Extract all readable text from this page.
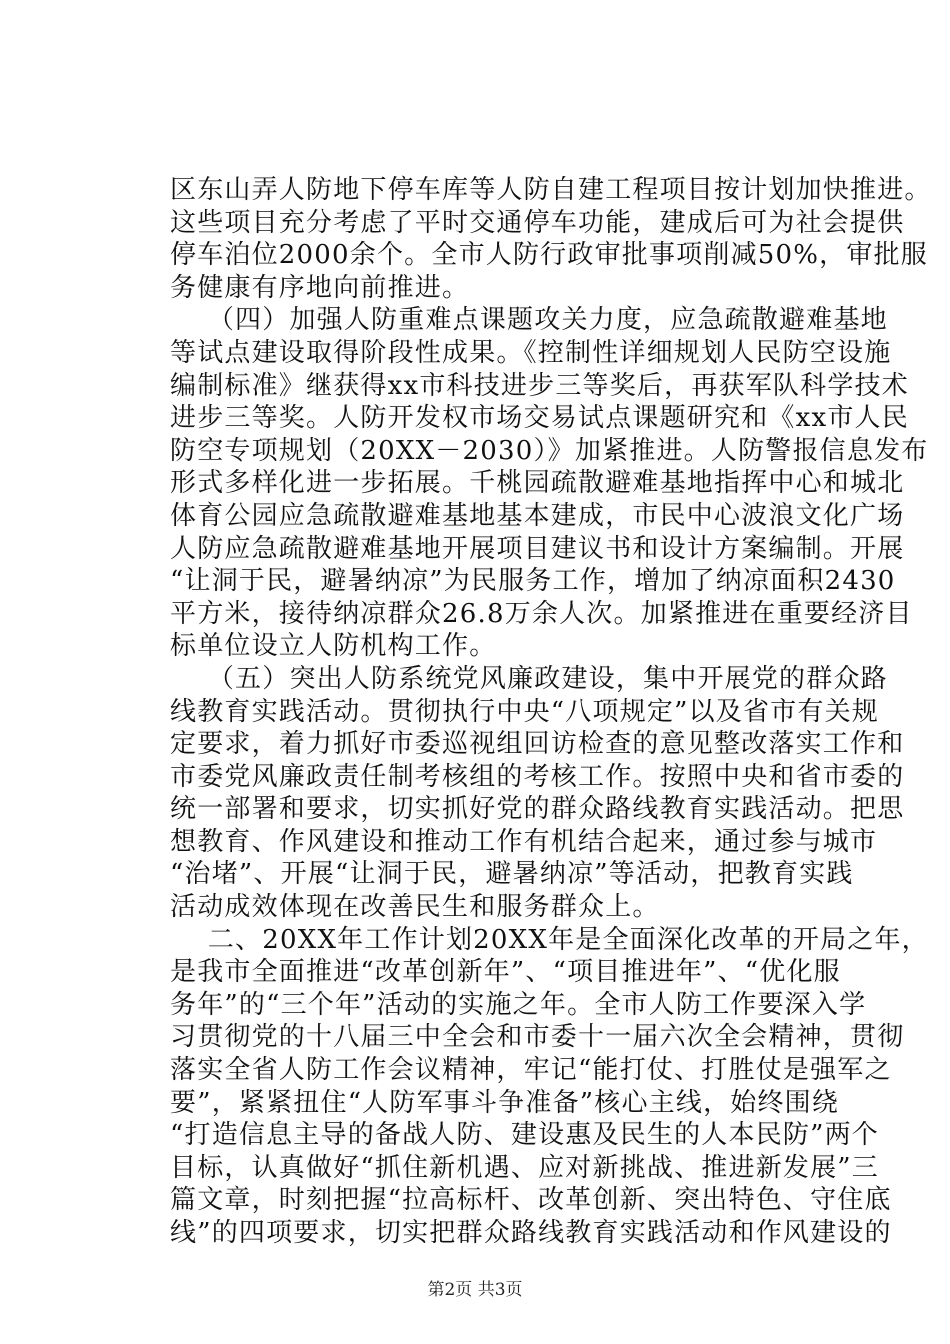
区东山弄人防地下停车库等人防自建工程项目按计划加快推进。
这些项目充分考虑了平时交通停车功能，建成后可为社会提供
停车泊位2000余个。全市人防行政审批事项削减50%，审批服
务健康有序地向前推进。
（四）加强人防重难点课题攻关力度，应急疏散避难基地
等试点建设取得阶段性成果。《控制性详细规划人民防空设施
编制标准》继获得xx市科技进步三等奖后，再获军队科学技术
进步三等奖。人防开发权市场交易试点课题研究和《xx市人民
防空专项规划（20XX－2030）》加紧推进。人防警报信息发布
形式多样化进一步拓展。千桃园疏散避难基地指挥中心和城北
体育公园应急疏散避难基地基本建成，市民中心波浪文化广场
人防应急疏散避难基地开展项目建议书和设计方案编制。开展
“让洞于民，避暑纳凉”为民服务工作，增加了纳凉面积2430
平方米，接待纳凉群众26.8万余人次。加紧推进在重要经济目
标单位设立人防机构工作。
（五）突出人防系统党风廉政建设，集中开展党的群众路
线教育实践活动。贯彻执行中央“八项规定”以及省市有关规
定要求，着力抓好市委巡视组回访检查的意见整改落实工作和
市委党风廉政责任制考核组的考核工作。按照中央和省市委的
统一部署和要求，切实抓好党的群众路线教育实践活动。把思
想教育、作风建设和推动工作有机结合起来，通过参与城市
“治堵”、开展“让洞于民，避暑纳凉”等活动，把教育实践
活动成效体现在改善民生和服务群众上。
二、20XX年工作计划20XX年是全面深化改革的开局之年，
是我市全面推进“改革创新年”、“项目推进年”、“优化服
务年”的“三个年”活动的实施之年。全市人防工作要深入学
习贯彻党的十八届三中全会和市委十一届六次全会精神，贯彻
落实全省人防工作会议精神，牢记“能打仗、打胜仗是强军之
要”，紧紧扭住“人防军事斗争准备”核心主线，始终围绕
“打造信息主导的备战人防、建设惠及民生的人本民防”两个
目标，认真做好“抓住新机遇、应对新挑战、推进新发展”三
篇文章，时刻把握“拉高标杆、改革创新、突出特色、守住底
线”的四项要求，切实把群众路线教育实践活动和作风建设的
第2页 共3页
